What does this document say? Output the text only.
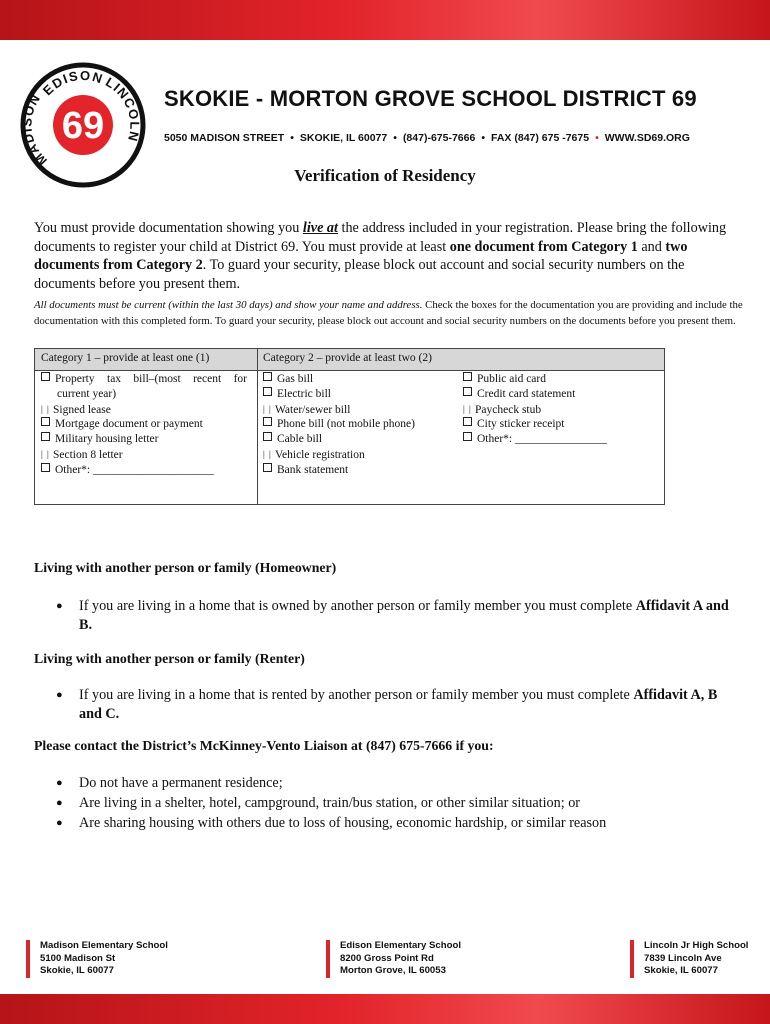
69
EDISON
LINCOLN
MADISON	SKOKIE - MORTON GROVE SCHOOL DISTRICT 69
5050 MADISON STREET • SKOKIE, IL 60077 • (847)-675-7666 • FAX (847) 675 -7675 • WWW.SD69.ORG
Verification of Residency
You must provide documentation showing you live at the address included in your registration. Please bring the following documents to register your child at District 69. You must provide at least one document from Category 1 and two documents from Category 2. To guard your security, please block out account and social security numbers on the documents before you present them.
All documents must be current (within the last 30 days) and show your name and address. Check the boxes for the documentation you are providing and include the documentation with this completed form. To guard your security, please block out account and social security numbers on the documents before you present them.
Category 1 – provide at least one (1)	Category 2 – provide at least two (2)
Property tax bill–(most recent for
current year)
| | Signed lease
Mortgage document or payment
Military housing letter
| | Section 8 letter
Other*: _____________________
Gas bill
Electric bill
| | Water/sewer bill
Phone bill (not mobile phone)
Cable bill
| | Vehicle registration
Bank statement
Public aid card
Credit card statement
| | Paycheck stub
City sticker receipt
Other*: ________________
Living with another person or family (Homeowner)
● If you are living in a home that is owned by another person or family member you must complete Affidavit A and B.
Living with another person or family (Renter)
● If you are living in a home that is rented by another person or family member you must complete Affidavit A, B and C.
Please contact the District’s McKinney-Vento Liaison at (847) 675-7666 if you:
● Do not have a permanent residence;
● Are living in a shelter, hotel, campground, train/bus station, or other similar situation; or
● Are sharing housing with others due to loss of housing, economic hardship, or similar reason
Madison Elementary School
5100 Madison St
Skokie, IL 60077
Edison Elementary School
8200 Gross Point Rd
Morton Grove, IL 60053
Lincoln Jr High School
7839 Lincoln Ave
Skokie, IL 60077
